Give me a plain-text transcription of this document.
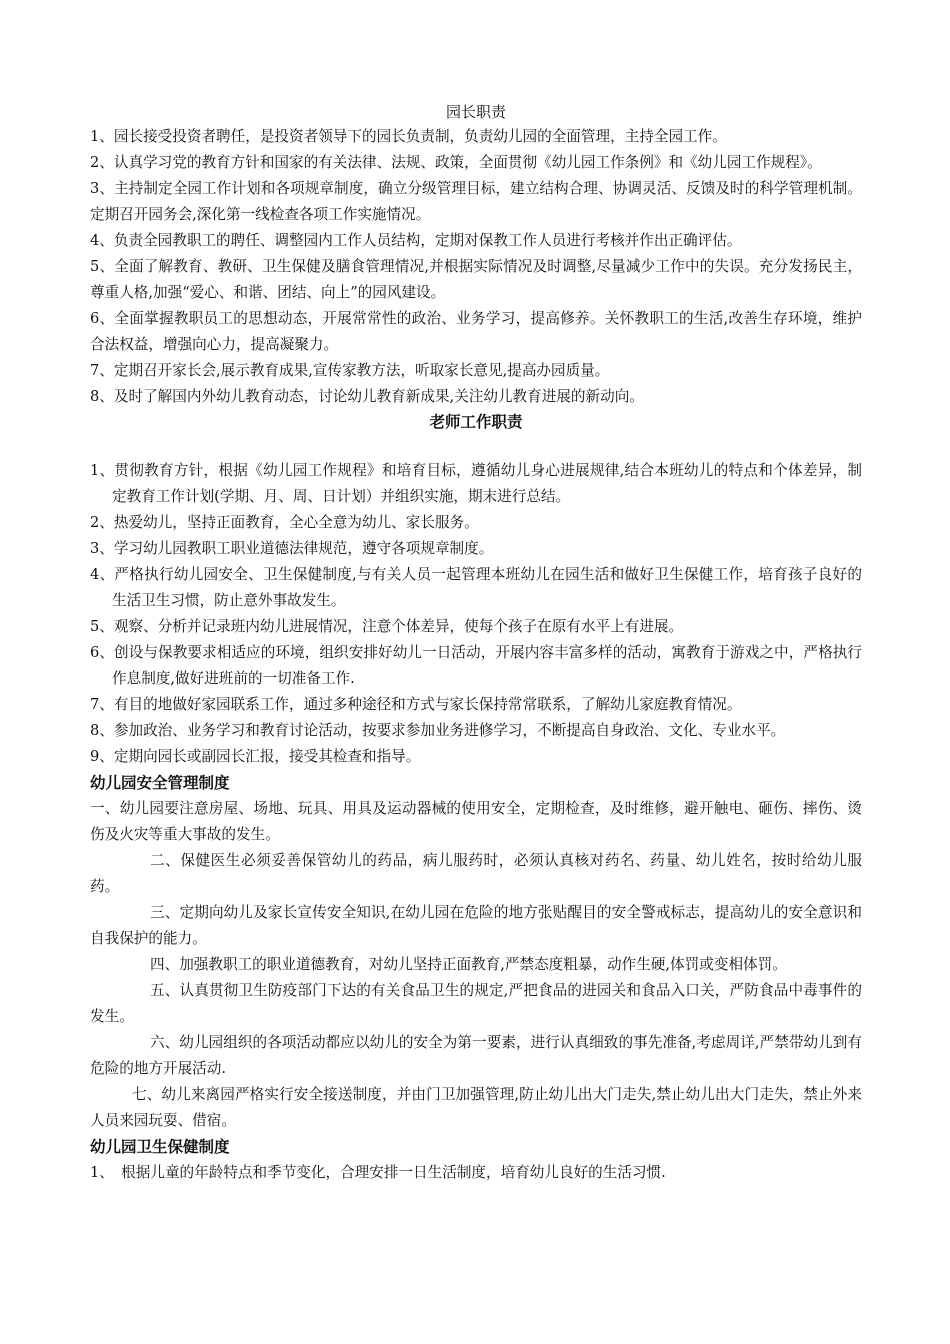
园长职责

1、园长接受投资者聘任，是投资者领导下的园长负责制，负责幼儿园的全面管理，主持全园工作。

2、认真学习党的教育方针和国家的有关法律、法规、政策，全面贯彻《幼儿园工作条例》和《幼儿园工作规程》。

3、主持制定全园工作计划和各项规章制度，确立分级管理目标，建立结构合理、协调灵活、反馈及时的科学管理机制。定期召开园务会,深化第一线检查各项工作实施情况。

4、负责全园教职工的聘任、调整园内工作人员结构，定期对保教工作人员进行考核并作出正确评估。

5、全面了解教育、教研、卫生保健及膳食管理情况,并根据实际情况及时调整,尽量减少工作中的失误。充分发扬民主，尊重人格,加强“爱心、和谐、团结、向上”的园风建设。

6、全面掌握教职员工的思想动态，开展常常性的政治、业务学习，提高修养。关怀教职工的生活,改善生存环境，维护合法权益，增强向心力，提高凝聚力。

7、定期召开家长会,展示教育成果,宣传家教方法，听取家长意见,提高办园质量。

8、及时了解国内外幼儿教育动态，讨论幼儿教育新成果,关注幼儿教育进展的新动向。

老师工作职责

1、贯彻教育方针，根据《幼儿园工作规程》和培育目标，遵循幼儿身心进展规律,结合本班幼儿的特点和个体差异，制定教育工作计划(学期、月、周、日计划）并组织实施，期末进行总结。

2、热爱幼儿，坚持正面教育，全心全意为幼儿、家长服务。

3、学习幼儿园教职工职业道德法律规范，遵守各项规章制度。

4、严格执行幼儿园安全、卫生保健制度,与有关人员一起管理本班幼儿在园生活和做好卫生保健工作，培育孩子良好的生活卫生习惯，防止意外事故发生。

5、观察、分析并记录班内幼儿进展情况，注意个体差异，使每个孩子在原有水平上有进展。

6、创设与保教要求相适应的环境，组织安排好幼儿一日活动，开展内容丰富多样的活动，寓教育于游戏之中，严格执行作息制度,做好进班前的一切准备工作.

7、有目的地做好家园联系工作，通过多种途径和方式与家长保持常常联系，了解幼儿家庭教育情况。

8、参加政治、业务学习和教育讨论活动，按要求参加业务进修学习，不断提高自身政治、文化、专业水平。

9、定期向园长或副园长汇报，接受其检查和指导。

幼儿园安全管理制度

一、幼儿园要注意房屋、场地、玩具、用具及运动器械的使用安全，定期检查，及时维修，避开触电、砸伤、摔伤、烫伤及火灾等重大事故的发生。

二、保健医生必须妥善保管幼儿的药品，病儿服药时，必须认真核对药名、药量、幼儿姓名，按时给幼儿服药。

三、定期向幼儿及家长宣传安全知识,在幼儿园在危险的地方张贴醒目的安全警戒标志，提高幼儿的安全意识和自我保护的能力。

四、加强教职工的职业道德教育，对幼儿坚持正面教育,严禁态度粗暴，动作生硬,体罚或变相体罚。

五、认真贯彻卫生防疫部门下达的有关食品卫生的规定,严把食品的进园关和食品入口关，严防食品中毒事件的发生。

六、幼儿园组织的各项活动都应以幼儿的安全为第一要素，进行认真细致的事先准备,考虑周详,严禁带幼儿到有危险的地方开展活动.

七、幼儿来离园严格实行安全接送制度，并由门卫加强管理,防止幼儿出大门走失,禁止幼儿出大门走失，禁止外来人员来园玩耍、借宿。

幼儿园卫生保健制度

1、　根据儿童的年龄特点和季节变化，合理安排一日生活制度，培育幼儿良好的生活习惯.
